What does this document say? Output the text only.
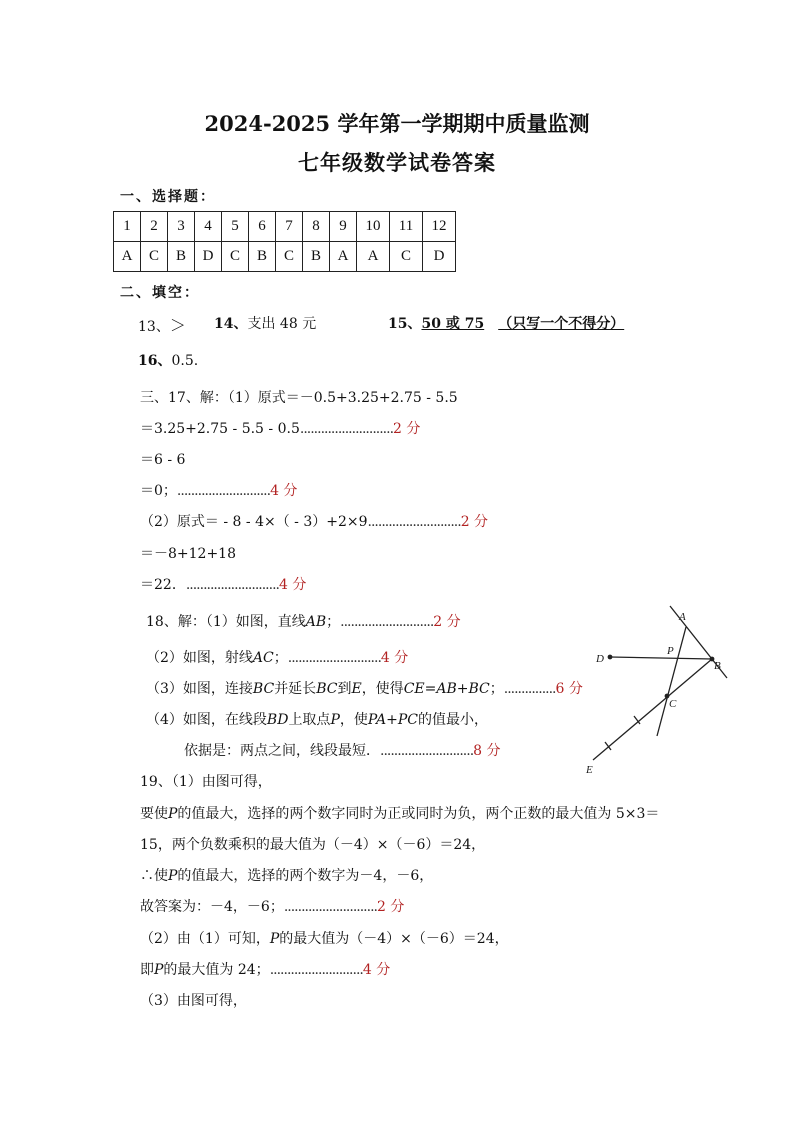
2024-2025 学年第一学期期中质量监测
七年级数学试卷答案
一、选择题：
1	2	3	4	5	6	7	8	9	10	11	12
A	C	B	D	C	B	C	B	A	A	C	D
二、填空：
13、＞ 14、支出 48 元	15、50 或 75 （只写一个不得分）
16、0.5.
三、17、解：（1）原式＝－0.5+3.25+2.75 - 5.5
＝3.25+2.75 - 5.5 - 0.5...........................2 分
＝6 - 6
＝0；...........................4 分
（2）原式＝ - 8 - 4×（ - 3）+2×9...........................2 分
＝－8+12+18
＝22．...........................4 分
18、解：（1）如图，直线AB；...........................2 分
（2）如图，射线AC；...........................4 分
（3）如图，连接BC并延长BC到E，使得CE=AB+BC；...............6 分
（4）如图，在线段BD上取点P，使PA+PC的值最小，
依据是：两点之间，线段最短．...........................8 分
A
B
C
D
E
P
19、（1）由图可得，
要使P的值最大，选择的两个数字同时为正或同时为负，两个正数的最大值为 5×3＝
15，两个负数乘积的最大值为（－4）×（－6）＝24，
∴使P的值最大，选择的两个数字为－4，－6，
故答案为：－4，－6；...........................2 分
（2）由（1）可知，P的最大值为（－4）×（－6）＝24，
即P的最大值为 24；...........................4 分
（3）由图可得，
